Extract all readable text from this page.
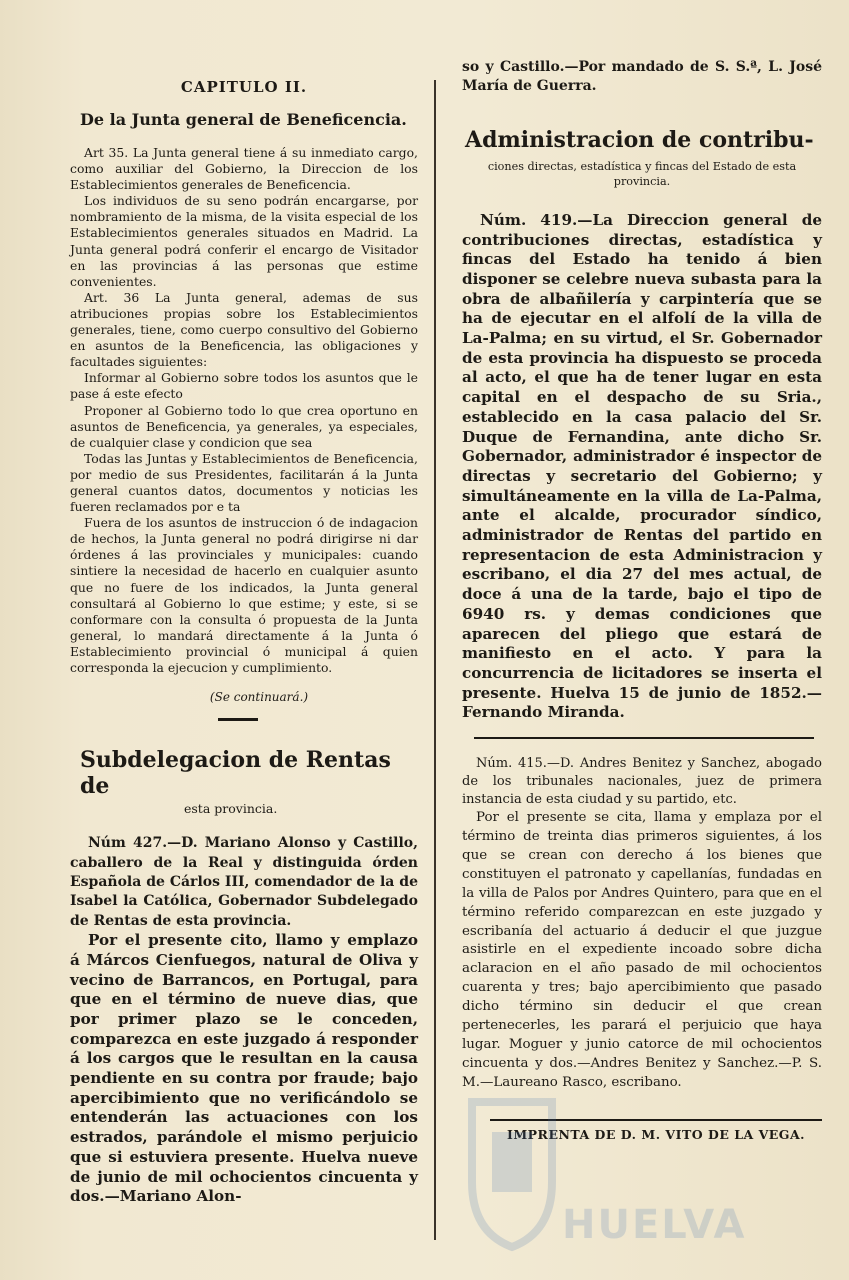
CAPITULO II.
De la Junta general de Beneficencia.

Art 35. La Junta general tiene á su inmediato cargo, como auxiliar del Gobierno, la Direccion de los Establecimientos generales de Beneficencia.

Los individuos de su seno podrán encargarse, por nombramiento de la misma, de la visita especial de los Establecimientos generales situados en Madrid. La Junta general podrá conferir el encargo de Visitador en las provincias á las personas que estime convenientes.

Art. 36 La Junta general, ademas de sus atribuciones propias sobre los Establecimientos generales, tiene, como cuerpo consultivo del Gobierno en asuntos de la Beneficencia, las obligaciones y facultades siguientes:

Informar al Gobierno sobre todos los asuntos que le pase á este efecto

Proponer al Gobierno todo lo que crea oportuno en asuntos de Beneficencia, ya generales, ya especiales, de cualquier clase y condicion que sea

Todas las Juntas y Establecimientos de Beneficencia, por medio de sus Presidentes, facilitarán á la Junta general cuantos datos, documentos y noticias les fueren reclamados por e ta

Fuera de los asuntos de instruccion ó de indagacion de hechos, la Junta general no podrá dirigirse ni dar órdenes á las provinciales y municipales: cuando sintiere la necesidad de hacerlo en cualquier asunto que no fuere de los indicados, la Junta general consultará al Gobierno lo que estime; y este, si se conformare con la consulta ó propuesta de la Junta general, lo mandará directamente á la Junta ó Establecimiento provincial ó municipal á quien corresponda la ejecucion y cumplimiento.

(Se continuará.)
Subdelegacion de Rentas de
esta provincia.

Núm 427.—D. Mariano Alonso y Castillo, caballero de la Real y distinguida órden Española de Cárlos III, comendador de la de Isabel la Católica, Gobernador Subdelegado de Rentas de esta provincia.

Por el presente cito, llamo y emplazo á Márcos Cienfuegos, natural de Oliva y vecino de Barrancos, en Portugal, para que en el término de nueve dias, que por primer plazo se le conceden, comparezca en este juzgado á responder á los cargos que le resultan en la causa pendiente en su contra por fraude; bajo apercibimiento que no verificándolo se entenderán las actuaciones con los estrados, parándole el mismo perjuicio que si estuviera presente. Huelva nueve de junio de mil ochocientos cincuenta y dos.—Mariano Alon-

so y Castillo.—Por mandado de S. S.ª, L. José María de Guerra.

Administracion de contribu-
ciones directas, estadística y fincas del Estado de esta provincia.

Núm. 419.—La Direccion general de contribuciones directas, estadística y fincas del Estado ha tenido á bien disponer se celebre nueva subasta para la obra de albañilería y carpintería que se ha de ejecutar en el alfolí de la villa de La-Palma; en su virtud, el Sr. Gobernador de esta provincia ha dispuesto se proceda al acto, el que ha de tener lugar en esta capital en el despacho de su Sria., establecido en la casa palacio del Sr. Duque de Fernandina, ante dicho Sr. Gobernador, administrador é inspector de directas y secretario del Gobierno; y simultáneamente en la villa de La-Palma, ante el alcalde, procurador síndico, administrador de Rentas del partido en representacion de esta Administracion y escribano, el dia 27 del mes actual, de doce á una de la tarde, bajo el tipo de 6940 rs. y demas condiciones que aparecen del pliego que estará de manifiesto en el acto. Y para la concurrencia de licitadores se inserta el presente. Huelva 15 de junio de 1852.—Fernando Miranda.

Núm. 415.—D. Andres Benitez y Sanchez, abogado de los tribunales nacionales, juez de primera instancia de esta ciudad y su partido, etc.

Por el presente se cita, llama y emplaza por el término de treinta dias primeros siguientes, á los que se crean con derecho á los bienes que constituyen el patronato y capellanías, fundadas en la villa de Palos por Andres Quintero, para que en el término referido comparezcan en este juzgado y escribanía del actuario á deducir el que juzgue asistirle en el expediente incoado sobre dicha aclaracion en el año pasado de mil ochocientos cuarenta y tres; bajo apercibimiento que pasado dicho término sin deducir el que crean pertenecerles, les parará el perjuicio que haya lugar. Moguer y junio catorce de mil ochocientos cincuenta y dos.—Andres Benitez y Sanchez.—P. S. M.—Laureano Rasco, escribano.

IMPRENTA DE D. M. VITO DE LA VEGA.
HUELVA
